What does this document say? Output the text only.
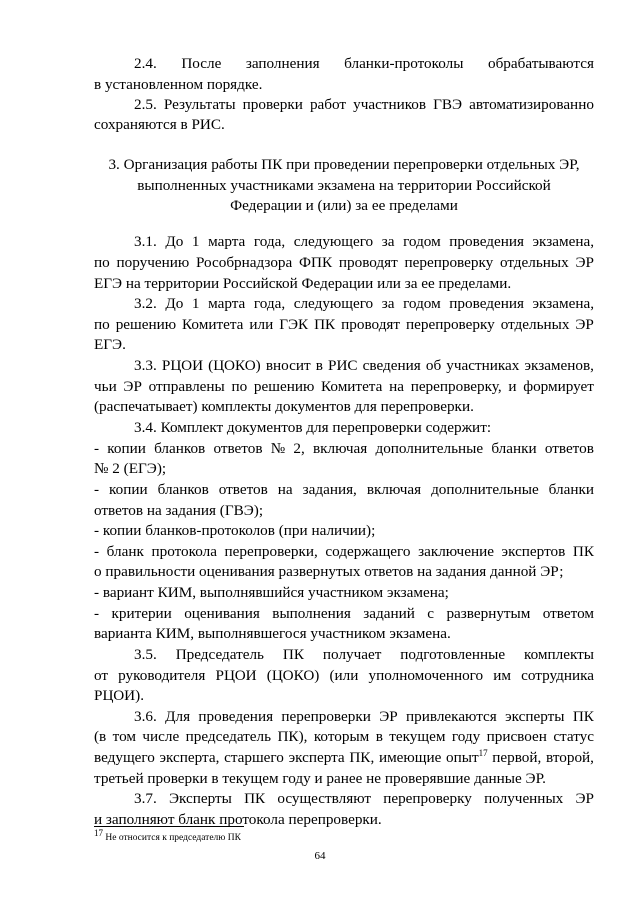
2.4. После заполнения бланки-протоколы обрабатываются
в установленном порядке.
2.5. Результаты проверки работ участников ГВЭ автоматизированно
сохраняются в РИС.
3. Организация работы ПК при проведении перепроверки отдельных ЭР,
выполненных участниками экзамена на территории Российской
Федерации и (или) за ее пределами
3.1. До 1 марта года, следующего за годом проведения экзамена,
по поручению Рособрнадзора ФПК проводят перепроверку отдельных ЭР
ЕГЭ на территории Российской Федерации или за ее пределами.
3.2. До 1 марта года, следующего за годом проведения экзамена,
по решению Комитета или ГЭК ПК проводят перепроверку отдельных ЭР
ЕГЭ.
3.3. РЦОИ (ЦОКО) вносит в РИС сведения об участниках экзаменов,
чьи ЭР отправлены по решению Комитета на перепроверку, и формирует
(распечатывает) комплекты документов для перепроверки.
3.4. Комплект документов для перепроверки содержит:
- копии бланков ответов № 2, включая дополнительные бланки ответов
№ 2 (ЕГЭ);
- копии бланков ответов на задания, включая дополнительные бланки
ответов на задания (ГВЭ);
- копии бланков-протоколов (при наличии);
- бланк протокола перепроверки, содержащего заключение экспертов ПК
о правильности оценивания развернутых ответов на задания данной ЭР;
- вариант КИМ, выполнявшийся участником экзамена;
- критерии оценивания выполнения заданий с развернутым ответом
варианта КИМ, выполнявшегося участником экзамена.
3.5. Председатель ПК получает подготовленные комплекты
от руководителя РЦОИ (ЦОКО) (или уполномоченного им сотрудника
РЦОИ).
3.6. Для проведения перепроверки ЭР привлекаются эксперты ПК
(в том числе председатель ПК), которым в текущем году присвоен статус
ведущего эксперта, старшего эксперта ПК, имеющие опыт$^{17}$ первой, второй,
третьей проверки в текущем году и ранее не проверявшие данные ЭР.
3.7. Эксперты ПК осуществляют перепроверку полученных ЭР
и заполняют бланк протокола перепроверки.
$^{17}$ Не относится к председателю ПК
64
